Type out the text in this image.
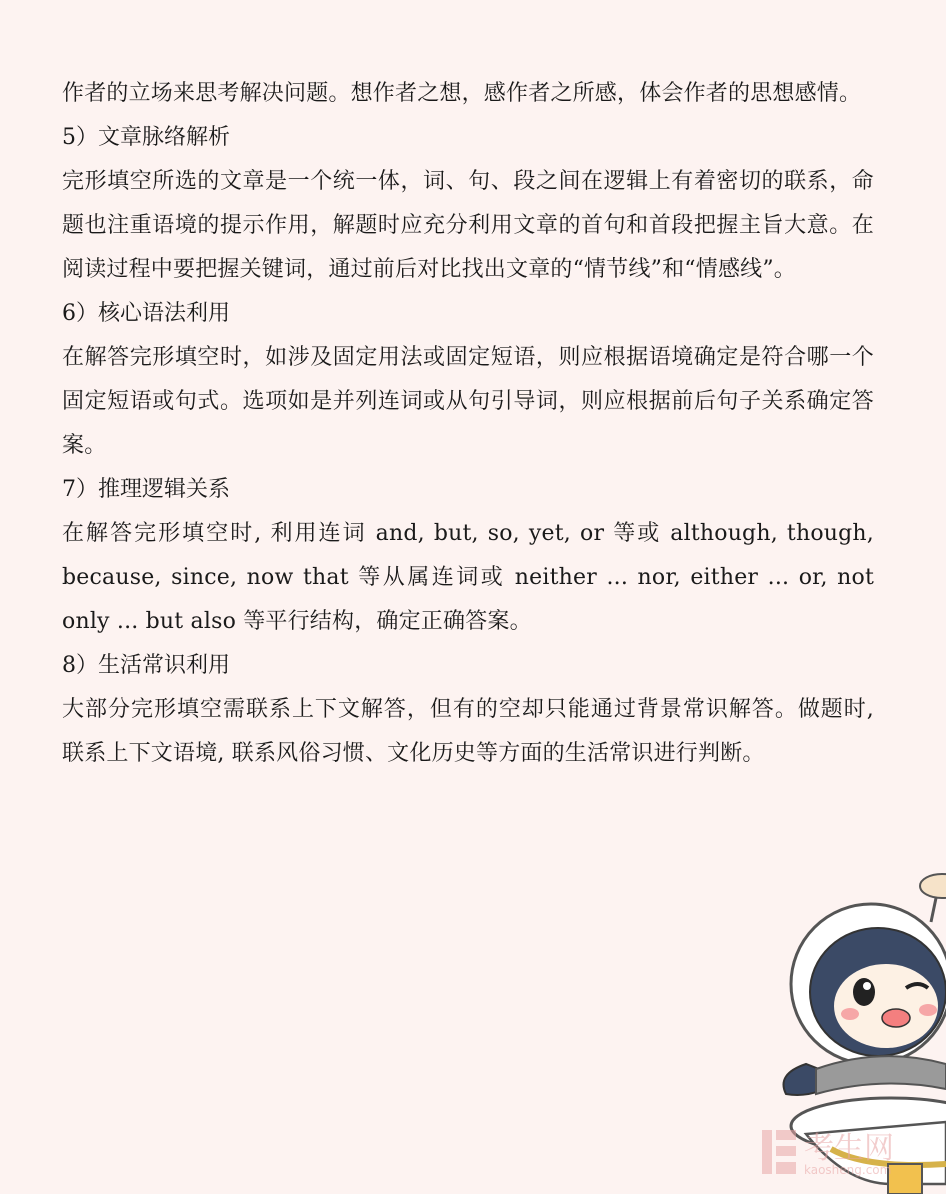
作者的立场来思考解决问题。想作者之想，感作者之所感，体会作者的思想感情。

5）文章脉络解析

完形填空所选的文章是一个统一体，词、句、段之间在逻辑上有着密切的联系，命题也注重语境的提示作用，解题时应充分利用文章的首句和首段把握主旨大意。在阅读过程中要把握关键词，通过前后对比找出文章的“情节线”和“情感线”。

6）核心语法利用

在解答完形填空时，如涉及固定用法或固定短语，则应根据语境确定是符合哪一个固定短语或句式。选项如是并列连词或从句引导词，则应根据前后句子关系确定答案。

7）推理逻辑关系

在解答完形填空时, 利用连词 and, but, so, yet, or 等或 although, though, because, since, now that 等从属连词或 neither ... nor, either ... or, not only ... but also 等平行结构，确定正确答案。

8）生活常识利用

大部分完形填空需联系上下文解答，但有的空却只能通过背景常识解答。做题时, 联系上下文语境, 联系风俗习惯、文化历史等方面的生活常识进行判断。

考生网
kaosheng.com
